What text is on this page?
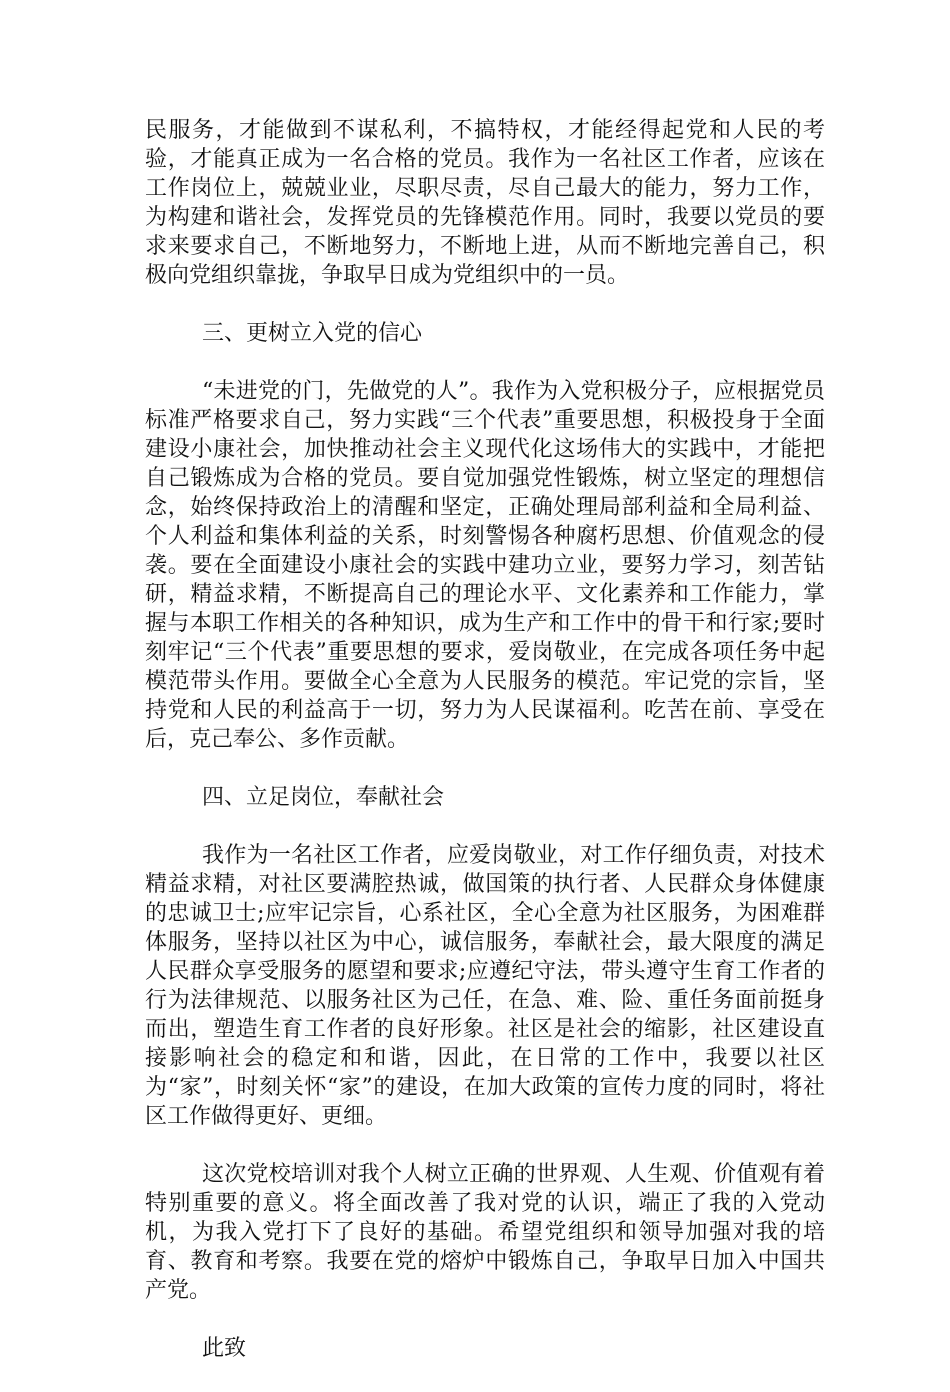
民服务，才能做到不谋私利，不搞特权，才能经得起党和人民的考验，才能真正成为一名合格的党员。我作为一名社区工作者，应该在工作岗位上，兢兢业业，尽职尽责，尽自己最大的能力，努力工作，为构建和谐社会，发挥党员的先锋模范作用。同时，我要以党员的要求来要求自己，不断地努力，不断地上进，从而不断地完善自己，积极向党组织靠拢，争取早日成为党组织中的一员。

三、更树立入党的信心

“未进党的门，先做党的人”。我作为入党积极分子，应根据党员标准严格要求自己，努力实践“三个代表”重要思想，积极投身于全面建设小康社会，加快推动社会主义现代化这场伟大的实践中，才能把自己锻炼成为合格的党员。要自觉加强党性锻炼，树立坚定的理想信念，始终保持政治上的清醒和坚定，正确处理局部利益和全局利益、个人利益和集体利益的关系，时刻警惕各种腐朽思想、价值观念的侵袭。要在全面建设小康社会的实践中建功立业，要努力学习，刻苦钻研，精益求精，不断提高自己的理论水平、文化素养和工作能力，掌握与本职工作相关的各种知识，成为生产和工作中的骨干和行家;要时刻牢记“三个代表”重要思想的要求，爱岗敬业，在完成各项任务中起模范带头作用。要做全心全意为人民服务的模范。牢记党的宗旨，坚持党和人民的利益高于一切，努力为人民谋福利。吃苦在前、享受在后，克己奉公、多作贡献。

四、立足岗位，奉献社会

我作为一名社区工作者，应爱岗敬业，对工作仔细负责，对技术精益求精，对社区要满腔热诚，做国策的执行者、人民群众身体健康的忠诚卫士;应牢记宗旨，心系社区，全心全意为社区服务，为困难群体服务，坚持以社区为中心，诚信服务，奉献社会，最大限度的满足人民群众享受服务的愿望和要求;应遵纪守法，带头遵守生育工作者的行为法律规范、以服务社区为己任，在急、难、险、重任务面前挺身而出，塑造生育工作者的良好形象。社区是社会的缩影，社区建设直接影响社会的稳定和和谐，因此，在日常的工作中，我要以社区为“家”，时刻关怀“家”的建设，在加大政策的宣传力度的同时，将社区工作做得更好、更细。

这次党校培训对我个人树立正确的世界观、人生观、价值观有着特别重要的意义。将全面改善了我对党的认识，端正了我的入党动机，为我入党打下了良好的基础。希望党组织和领导加强对我的培育、教育和考察。我要在党的熔炉中锻炼自己，争取早日加入中国共产党。

此致
